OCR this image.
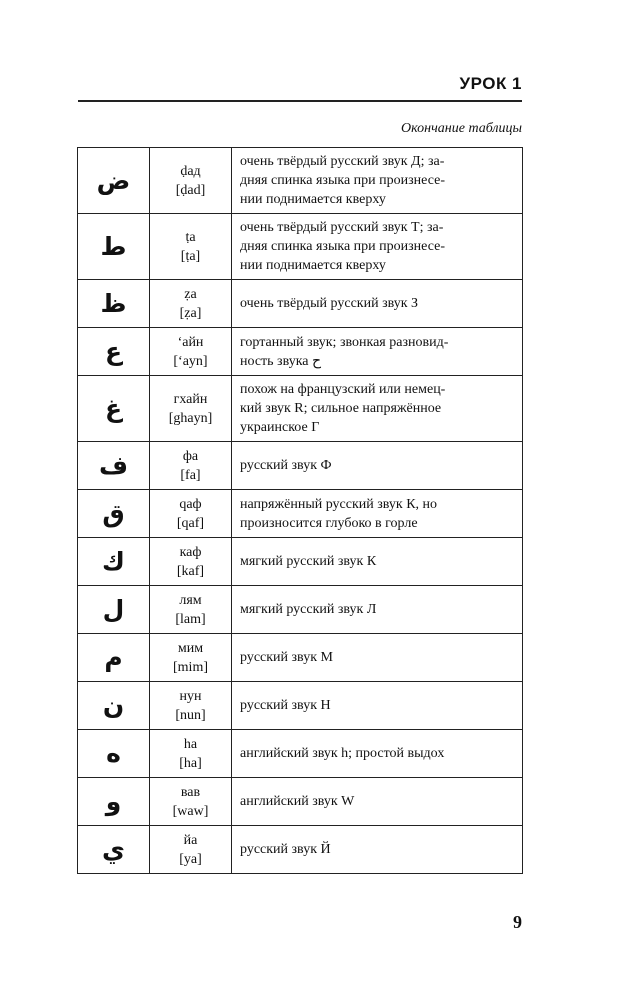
УРОК 1
Окончание таблицы
ض	ḍад
[ḍad]	очень твёрдый русский звук Д; за-
дняя спинка языка при произнесе-
нии поднимается кверху

ط	ṭа
[ṭa]	очень твёрдый русский звук Т; за-
дняя спинка языка при произнесе-
нии поднимается кверху

ظ	ẓа
[ẓa]	очень твёрдый русский звук З

ع	‘айн
[‘ayn]	гортанный звук; звонкая разновид-
ность звука ح

غ	гхайн
[ghayn]	похож на французский или немец-
кий звук R; сильное напряжённое
украинское Г

ف	фа
[fa]	русский звук Ф

ق	qаф
[qaf]	напряжённый русский звук К, но
произносится глубоко в горле

ك	каф
[kaf]	мягкий русский звук К

ل	лям
[lam]	мягкий русский звук Л

م	мим
[mim]	русский звук М

ن	нун
[nun]	русский звук Н

ه	ha
[ha]	английский звук h; простой выдох

و	вав
[waw]	английский звук W

ي	йа
[ya]	русский звук Й
9
